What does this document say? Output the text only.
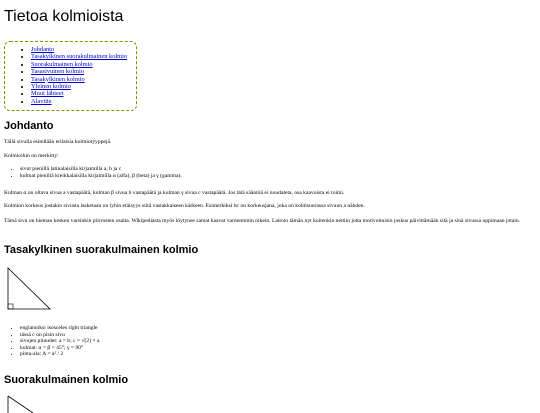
Tietoa kolmioista
• Johdanto
• Tasakylkinen suorakulmainen kolmio
• Suorakulmainen kolmio
• Tasasivuinen kolmio
• Tasakylkinen kolmio
• Yleinen kolmio
• Muut lähteet
• Alaviite
Johdanto

Tällä sivulla esitellään erilaisia kolmiotyyppejä.

Kolmioihin on merkitty:

• sivut pienillä latinalaisilla kirjaimilla a, b ja c
• kulmat pienillä kreikkalaisilla kirjaimilla α (alfa), β (beta) ja γ (gamma).

Kulman α on oltava sivua a vastapäätä, kulman β sivua b vastapäätä ja kulman γ sivua c vastapäätä. Jos tätä sääntöä ei noudateta, osa kaavoista ei toimi.

Kolmion korkeus jostakin sivusta lasketaan on lyhin etäisyys siitä vastakkaiseen kärkeen. Esimerkiksi hc on korkeusjana, joka on kohtisuorassa sivuun a nähden.

Tämä sivu on hieman kesken varsinkin piirrosten osalta. Wikipediasta myös löytynee samat kaavat varmemmin oikein. Laitoin tämän nyt kuitenkin nettiin jotta motivoituisin joskus päivittämään sitä ja sinä sivussa oppimaan jotain.

Tasakylkinen suorakulmainen kolmio
• englanniksi isosceles right triangle
• tässä c on pisin sivu
• sivujen pituudet: a = b; c = √(2) × a
• kulmat: α = β = 45°; γ = 90°
• pinta-ala: A = a² / 2
Suorakulmainen kolmio
